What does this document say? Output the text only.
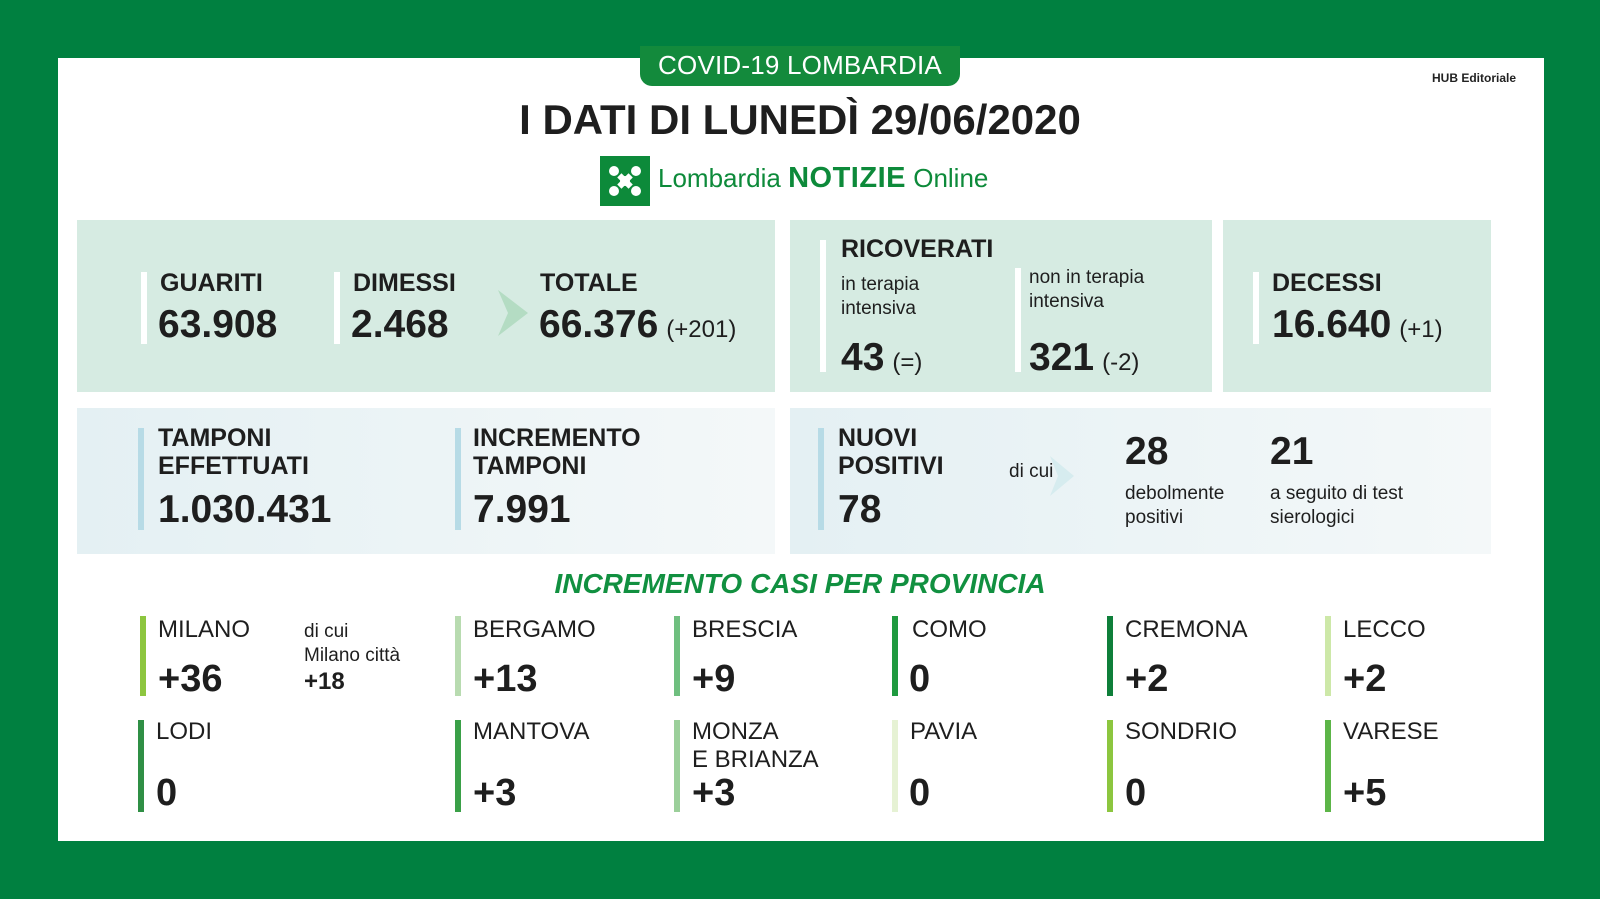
COVID-19 LOMBARDIA	HUB Editoriale
I DATI DI LUNEDÌ 29/06/2020
Lombardia NOTIZIE Online
GUARITI
63.908
DIMESSI
2.468
TOTALE
66.376 (+201)
RICOVERATI
in terapia
intensiva
43 (=)
non in terapia
intensiva
321 (-2)
DECESSI
16.640 (+1)
TAMPONI
EFFETTUATI
1.030.431
INCREMENTO
TAMPONI
7.991
NUOVI
POSITIVI
78
di cui 28
debolmente
positivi
21
a seguito di test
sierologici
INCREMENTO CASI PER PROVINCIA
MILANO
+36
di cui
Milano città
+18
BERGAMO
+13
BRESCIA
+9
COMO
0
CREMONA
+2
LECCO
+2
LODI
0
MANTOVA
+3
MONZA
E BRIANZA
+3
PAVIA
0
SONDRIO
0
VARESE
+5
